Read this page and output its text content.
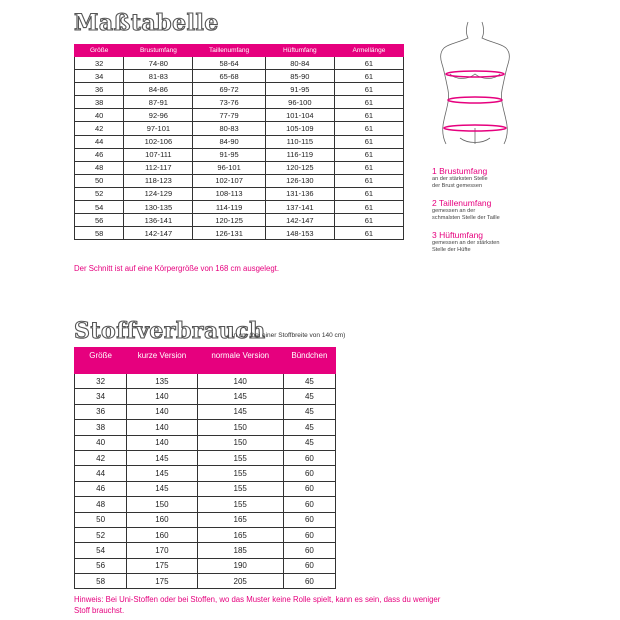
Maßtabelle
Größe	Brustumfang	Taillenumfang	Hüftumfang	Armellänge
32	74-80	58-64	80-84	61
34	81-83	65-68	85-90	61
36	84-86	69-72	91-95	61
38	87-91	73-76	96-100	61
40	92-96	77-79	101-104	61
42	97-101	80-83	105-109	61
44	102-106	84-90	110-115	61
46	107-111	91-95	116-119	61
48	112-117	96-101	120-125	61
50	118-123	102-107	126-130	61
52	124-129	108-113	131-136	61
54	130-135	114-119	137-141	61
56	136-141	120-125	142-147	61
58	142-147	126-131	148-153	61
Der Schnitt ist auf eine Körpergröße von 168 cm ausgelegt.
1 Brustumfang
an der stärksten Stelle
der Brust gemessen
2 Taillenumfang
gemessen an der
schmalsten Stelle der Taille
3 Hüftumfang
gemessen an der stärksten
Stelle der Hüfte
Stoffverbrauch
in cm (bei einer Stoffbreite von 140 cm)
Größe	kurze Version	normale Version	Bündchen
32	135	140	45
34	140	145	45
36	140	145	45
38	140	150	45
40	140	150	45
42	145	155	60
44	145	155	60
46	145	155	60
48	150	155	60
50	160	165	60
52	160	165	60
54	170	185	60
56	175	190	60
58	175	205	60
Hinweis: Bei Uni-Stoffen oder bei Stoffen, wo das Muster keine Rolle spielt, kann es sein, dass du weniger Stoff brauchst.
